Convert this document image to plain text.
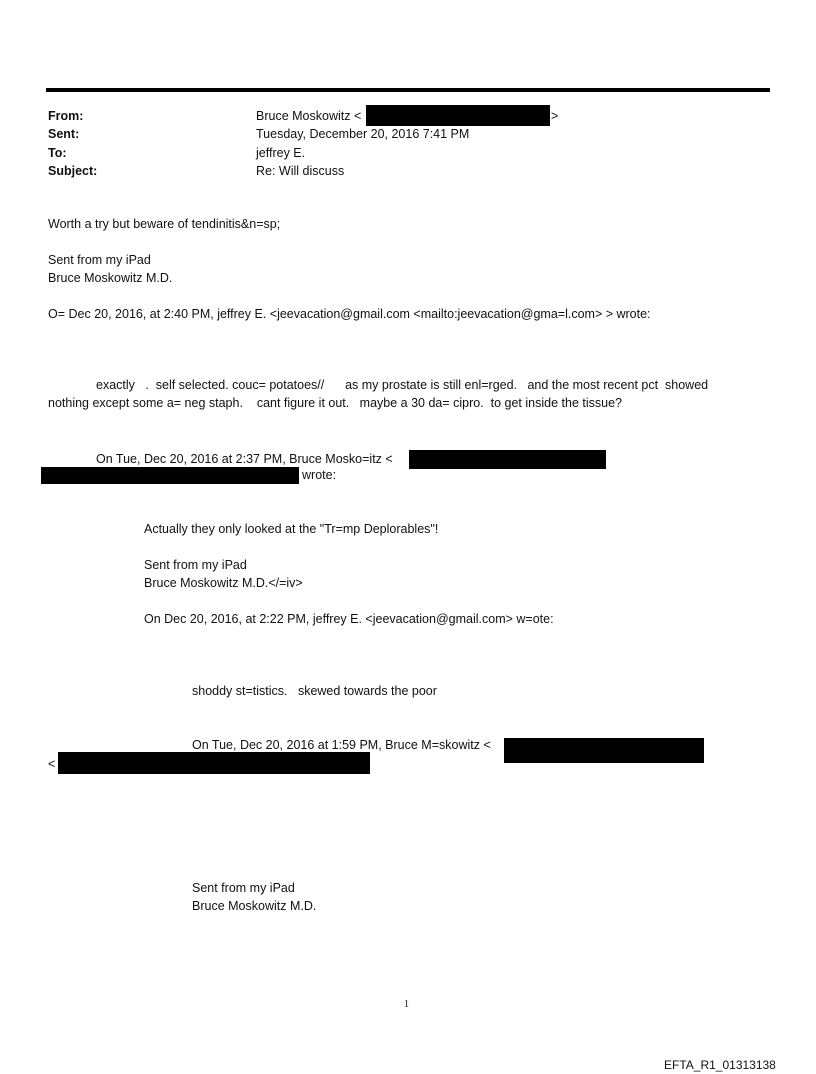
From:	Bruce Moskowitz <	>
Sent:	Tuesday, December 20, 2016 7:41 PM
To:	jeffrey E.
Subject:	Re: Will discuss
Worth a try but beware of tendinitis&n=sp;
Sent from my iPad
Bruce Moskowitz M.D.
O= Dec 20, 2016, at 2:40 PM, jeffrey E. <jeevacation@gmail.com <mailto:jeevacation@gma=l.com> > wrote:
exactly   .  self selected. couc= potatoes//      as my prostate is still enl=rged.   and the most recent pct  showed
nothing except some a= neg staph.    cant figure it out.   maybe a 30 da= cipro.  to get inside the tissue?
On Tue, Dec 20, 2016 at 2:37 PM, Bruce Mosko=itz <
wrote:
Actually they only looked at the "Tr=mp Deplorables"!
Sent from my iPad
Bruce Moskowitz M.D.</=iv>
On Dec 20, 2016, at 2:22 PM, jeffrey E. <jeevacation@gmail.com> w=ote:
shoddy st=tistics.   skewed towards the poor
On Tue, Dec 20, 2016 at 1:59 PM, Bruce M=skowitz <
<
Sent from my iPad
Bruce Moskowitz M.D.
1
EFTA_R1_01313138
